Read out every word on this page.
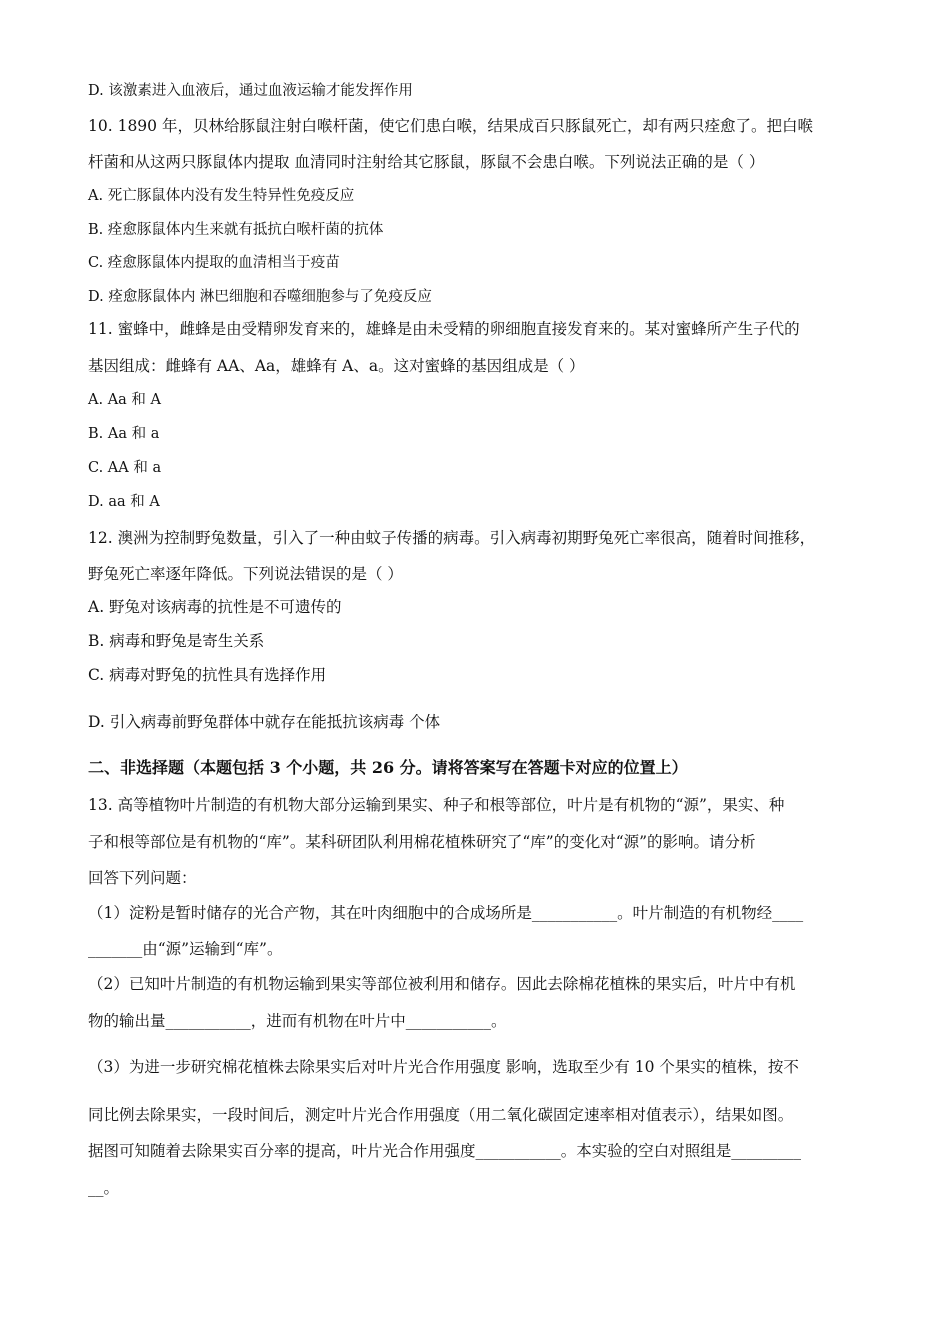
D. 该激素进入血液后，通过血液运输才能发挥作用
10. 1890 年，贝林给豚鼠注射白喉杆菌，使它们患白喉，结果成百只豚鼠死亡，却有两只痊愈了。把白喉
杆菌和从这两只豚鼠体内提取 血清同时注射给其它豚鼠，豚鼠不会患白喉。下列说法正确的是（ ）
A. 死亡豚鼠体内没有发生特异性免疫反应
B. 痊愈豚鼠体内生来就有抵抗白喉杆菌的抗体
C. 痊愈豚鼠体内提取的血清相当于疫苗
D. 痊愈豚鼠体内 淋巴细胞和吞噬细胞参与了免疫反应
11. 蜜蜂中，雌蜂是由受精卵发育来的，雄蜂是由未受精的卵细胞直接发育来的。某对蜜蜂所产生子代的
基因组成：雌蜂有 AA、Aa，雄蜂有 A、a。这对蜜蜂的基因组成是（ ）
A. Aa 和 A
B. Aa 和 a
C. AA 和 a
D. aa 和 A
12. 澳洲为控制野兔数量，引入了一种由蚊子传播的病毒。引入病毒初期野兔死亡率很高，随着时间推移，
野兔死亡率逐年降低。下列说法错误的是（ ）
A. 野兔对该病毒的抗性是不可遗传的
B. 病毒和野兔是寄生关系
C. 病毒对野兔的抗性具有选择作用
D. 引入病毒前野兔群体中就存在能抵抗该病毒 个体
二、非选择题（本题包括 3 个小题，共 26 分。请将答案写在答题卡对应的位置上）
13. 高等植物叶片制造的有机物大部分运输到果实、种子和根等部位，叶片是有机物的“源”，果实、种
子和根等部位是有机物的“库”。某科研团队利用棉花植株研究了“库”的变化对“源”的影响。请分析
回答下列问题：
（1）淀粉是暂时储存的光合产物，其在叶肉细胞中的合成场所是___________。叶片制造的有机物经____
_______由“源”运输到“库”。
（2）已知叶片制造的有机物运输到果实等部位被利用和储存。因此去除棉花植株的果实后，叶片中有机
物的输出量___________，进而有机物在叶片中___________。
（3）为进一步研究棉花植株去除果实后对叶片光合作用强度 影响，选取至少有 10 个果实的植株，按不
同比例去除果实，一段时间后，测定叶片光合作用强度（用二氧化碳固定速率相对值表示），结果如图。
据图可知随着去除果实百分率的提高，叶片光合作用强度___________。本实验的空白对照组是_________
__。
